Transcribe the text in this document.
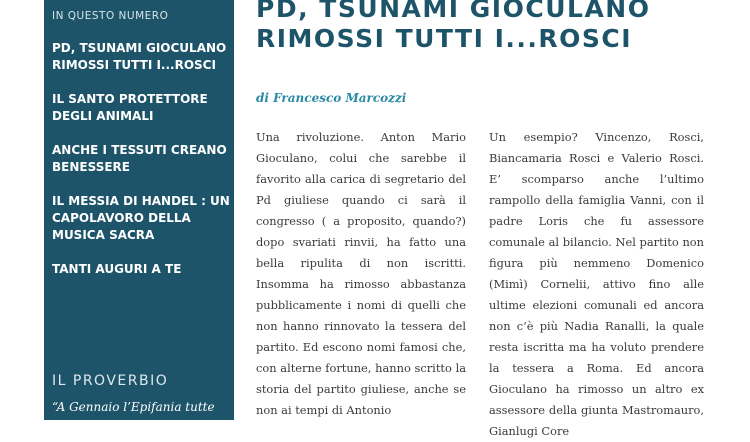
IN QUESTO NUMERO
PD, TSUNAMI GIOCULANO
RIMOSSI TUTTI I...ROSCI
IL SANTO PROTETTORE
DEGLI ANIMALI
ANCHE I TESSUTI CREANO
BENESSERE
IL MESSIA DI HANDEL : UN
CAPOLAVORO DELLA
MUSICA SACRA
TANTI AUGURI A TE
IL PROVERBIO
“A Gennaio l’Epifania tutte
PD, TSUNAMI GIOCULANO
RIMOSSI TUTTI I...ROSCI
di Francesco Marcozzi
Una rivoluzione. Anton Mario Gioculano, colui che sarebbe il favorito alla carica di segretario del Pd giuliese quando ci sarà il congresso ( a proposito, quando?) dopo svariati rinvii, ha fatto una bella ripulita di non iscritti. Insomma ha rimosso abbastanza pubblicamente i nomi di quelli che non hanno rinnovato la tessera del partito. Ed escono nomi famosi che, con alterne fortune, hanno scritto la storia del partito giuliese, anche se non ai tempi di Antonio
Un esempio? Vincenzo, Rosci, Biancamaria Rosci e Valerio Rosci. E’ scomparso anche l’ultimo rampollo della famiglia Vanni, con il padre Loris che fu assessore comunale al bilancio. Nel partito non figura più nemmeno Domenico (Mimì) Cornelii, attivo fino alle ultime elezioni comunali ed ancora non c’è più Nadia Ranalli, la quale resta iscritta ma ha voluto prendere la tessera a Roma. Ed ancora Gioculano ha rimosso un altro ex assessore della giunta Mastromauro, Gianlugi Core
